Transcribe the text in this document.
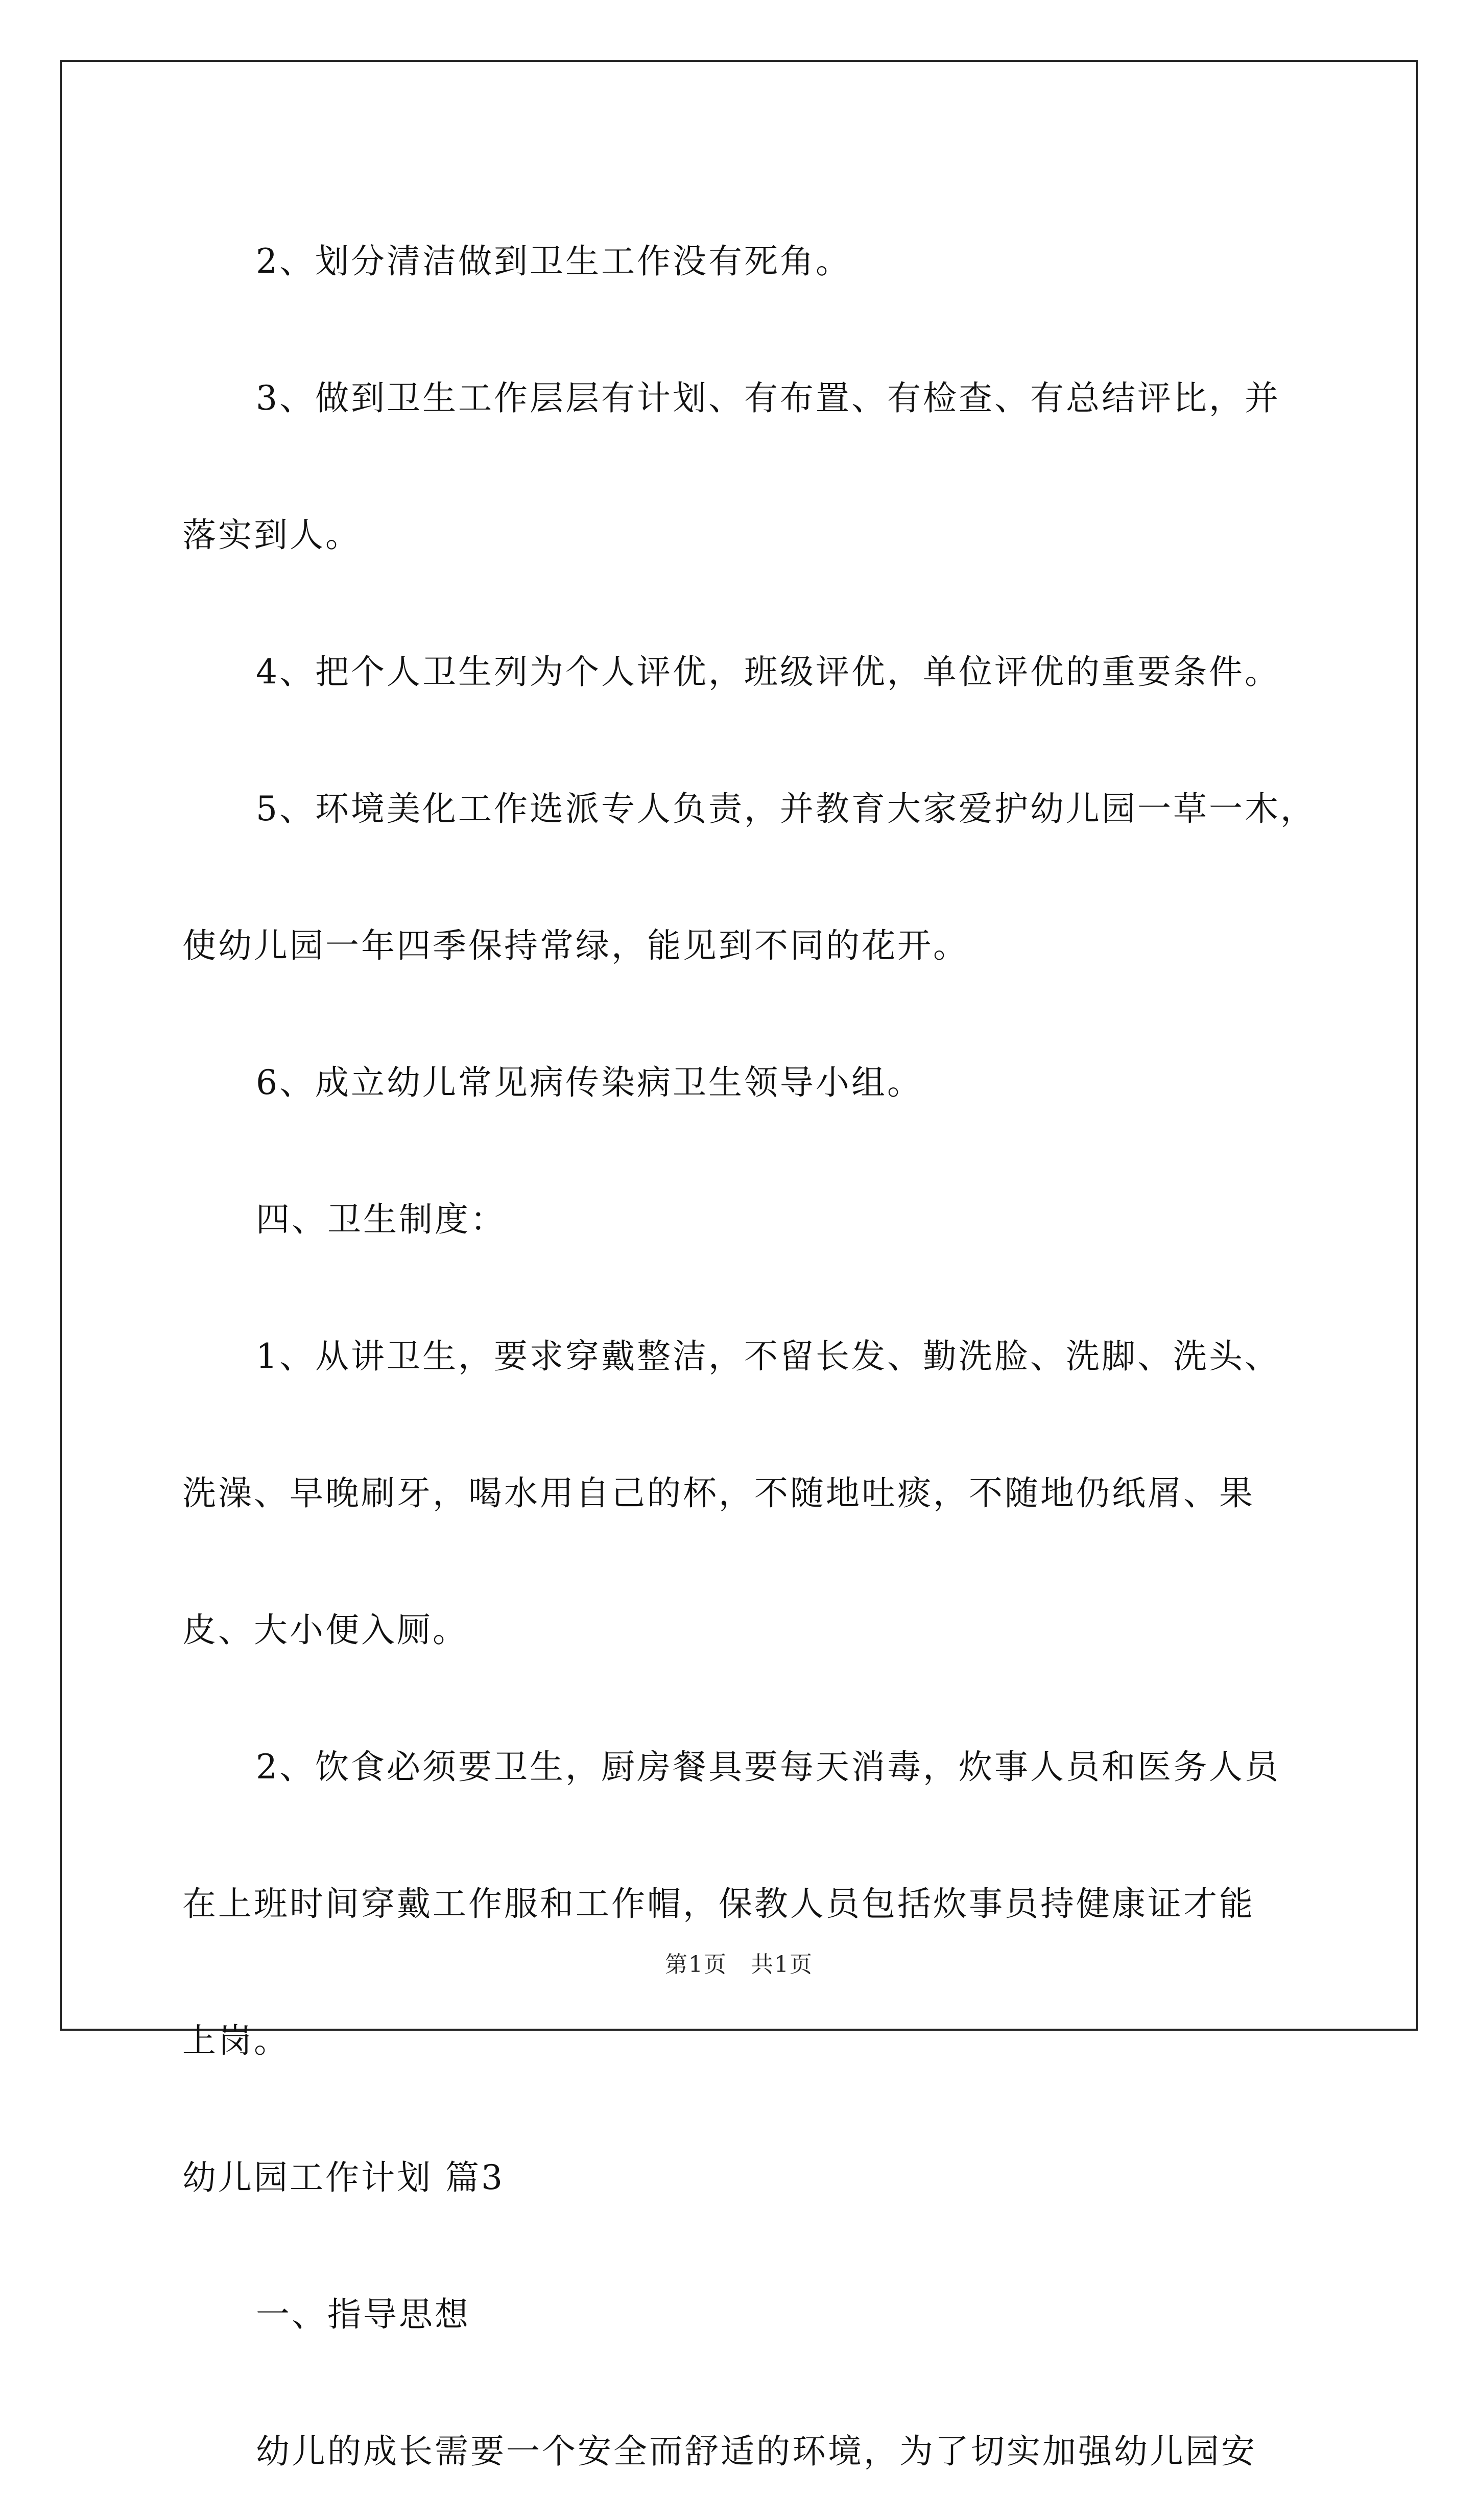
2、划分清洁做到卫生工作没有死角。

3、做到卫生工作层层有计划、有布置、有检查、有总结评比，并
落实到人。

4、把个人卫生列为个人评优，班级评优，单位评优的重要条件。

5、环境美化工作选派专人负责，并教育大家爱护幼儿园一草一木，
使幼儿园一年四季保持常绿，能见到不同的花开。

6、成立幼儿常见病传染病卫生领导小组。

四、卫生制度：

1、从讲卫生，要求穿戴整洁，不留长发、勤洗脸、洗脚、洗头、
洗澡、早晚刷牙，喝水用自己的杯，不随地吐痰，不随地仍纸屑、果
皮、大小便入厕。

2、饮食必须要卫生，厨房餐具要每天消毒，炊事人员和医务人员
在上班时间穿戴工作服和工作帽，保教人员包括炊事员持健康证才能
上岗。

幼儿园工作计划 篇3

一、指导思想

幼儿的成长需要一个安全而舒适的环境，为了切实加强幼儿园安

第1页　共1页
